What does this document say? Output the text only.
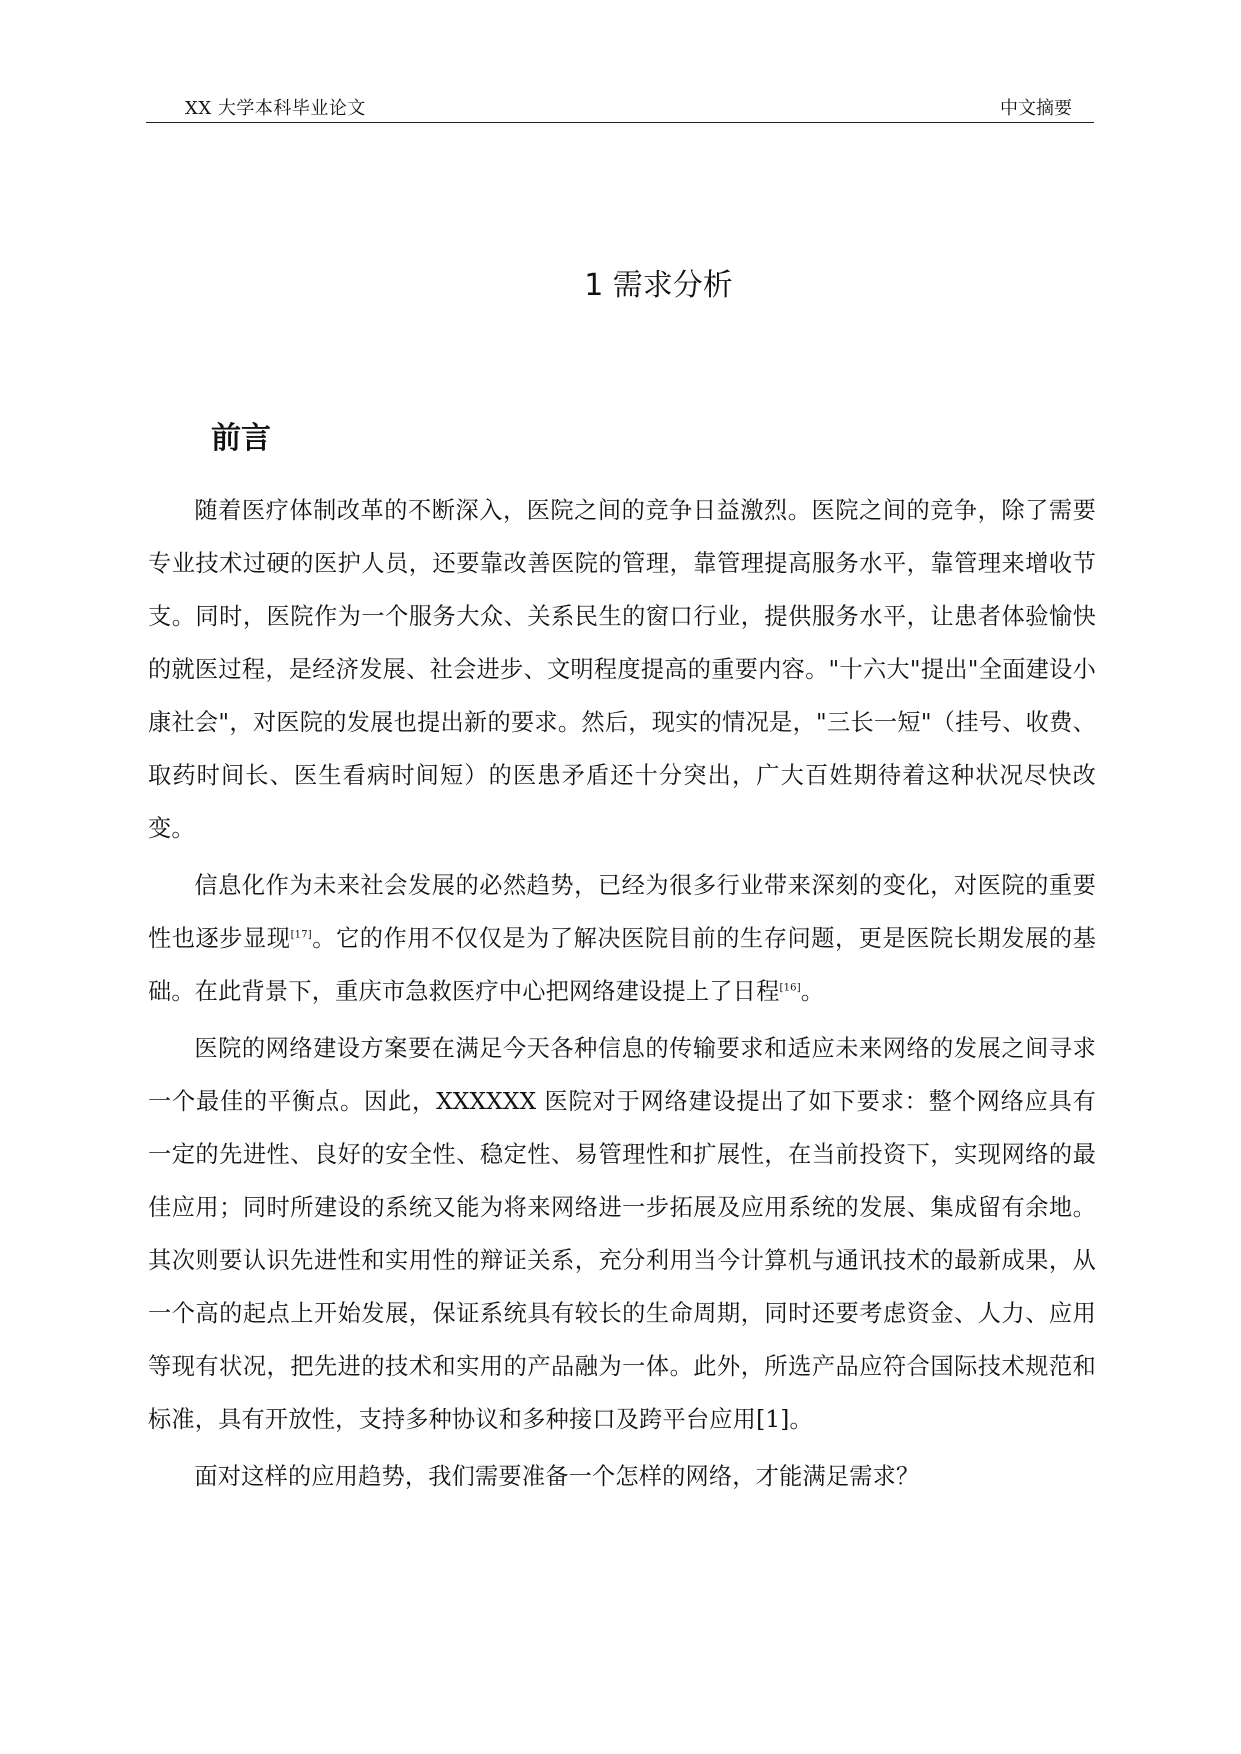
XX 大学本科毕业论文	中文摘要
1 需求分析
前言

随着医疗体制改革的不断深入，医院之间的竞争日益激烈。医院之间的竞争，除了需要专业技术过硬的医护人员，还要靠改善医院的管理，靠管理提高服务水平，靠管理来增收节支。同时，医院作为一个服务大众、关系民生的窗口行业，提供服务水平，让患者体验愉快的就医过程，是经济发展、社会进步、文明程度提高的重要内容。"十六大"提出"全面建设小康社会"，对医院的发展也提出新的要求。然后，现实的情况是，"三长一短"（挂号、收费、取药时间长、医生看病时间短）的医患矛盾还十分突出，广大百姓期待着这种状况尽快改变。

信息化作为未来社会发展的必然趋势，已经为很多行业带来深刻的变化，对医院的重要性也逐步显现[17]。它的作用不仅仅是为了解决医院目前的生存问题，更是医院长期发展的基础。在此背景下，重庆市急救医疗中心把网络建设提上了日程[16]。

医院的网络建设方案要在满足今天各种信息的传输要求和适应未来网络的发展之间寻求一个最佳的平衡点。因此，XXXXXX 医院对于网络建设提出了如下要求：整个网络应具有一定的先进性、良好的安全性、稳定性、易管理性和扩展性，在当前投资下，实现网络的最佳应用；同时所建设的系统又能为将来网络进一步拓展及应用系统的发展、集成留有余地。其次则要认识先进性和实用性的辩证关系，充分利用当今计算机与通讯技术的最新成果，从一个高的起点上开始发展，保证系统具有较长的生命周期，同时还要考虑资金、人力、应用等现有状况，把先进的技术和实用的产品融为一体。此外，所选产品应符合国际技术规范和标准，具有开放性，支持多种协议和多种接口及跨平台应用[1]。

面对这样的应用趋势，我们需要准备一个怎样的网络，才能满足需求？
